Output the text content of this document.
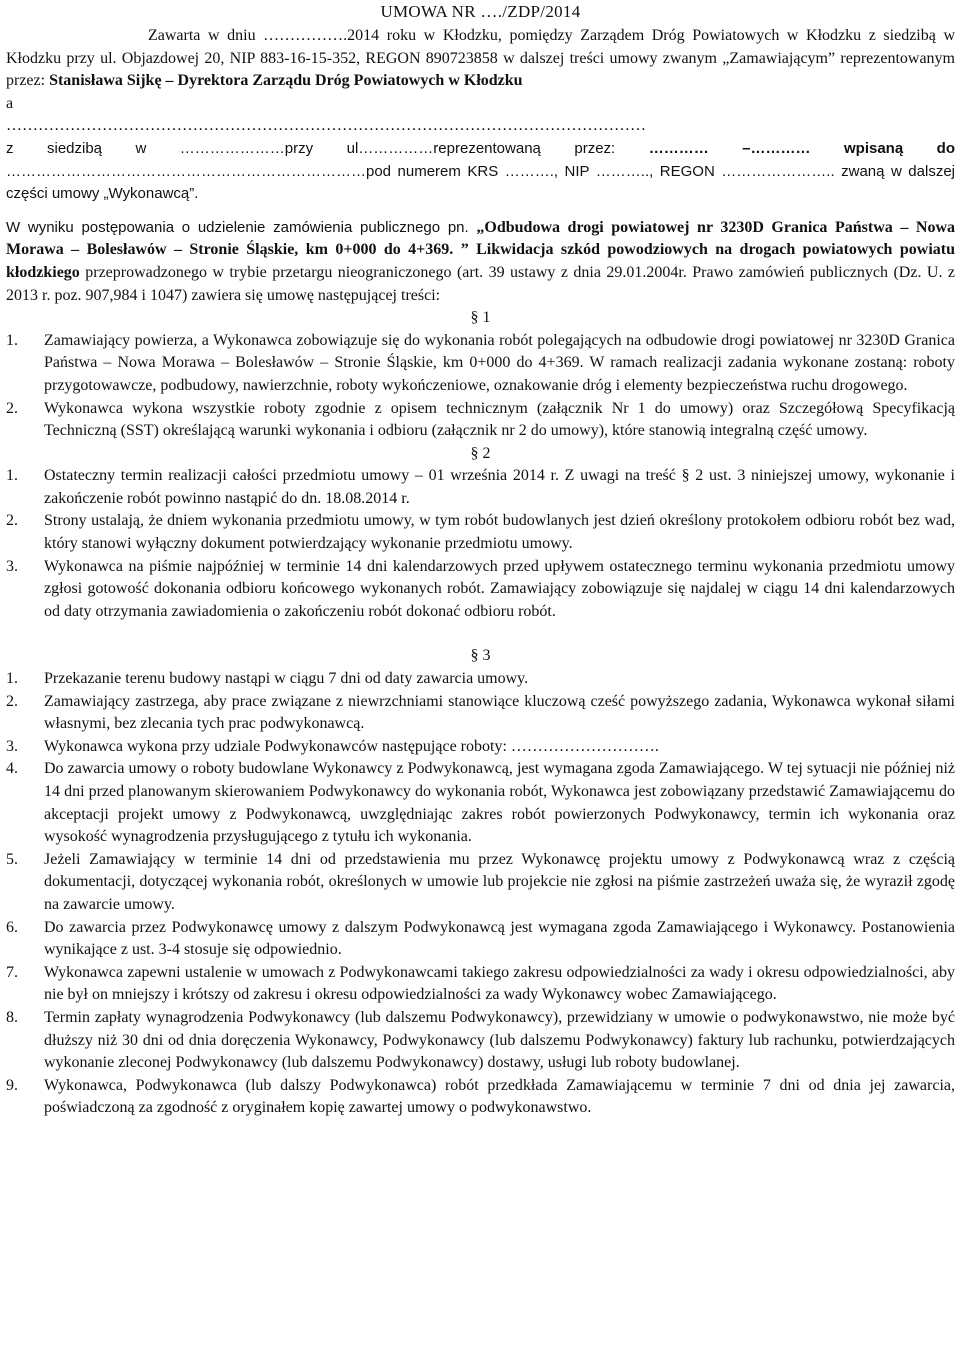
UMOWA NR …./ZDP/2014

Zawarta w dniu …………….2014 roku w Kłodzku, pomiędzy Zarządem Dróg Powiatowych w Kłodzku z siedzibą w Kłodzku przy ul. Objazdowej 20, NIP 883-16-15-352, REGON 890723858 w dalszej treści umowy zwanym „Zamawiającym” reprezentowanym przez: Stanisława Sijkę – Dyrektora Zarządu Dróg Powiatowych w Kłodzku

a

…………………………………………………………………………………………………………

z siedzibą w …………………przy ul……………reprezentowaną przez: ………… –………… wpisaną do ………………………………………………………………pod numerem KRS ………., NIP ……….., REGON ………………….. zwaną w dalszej części umowy „Wykonawcą”.

W wyniku postępowania o udzielenie zamówienia publicznego pn. „Odbudowa drogi powiatowej nr 3230D Granica Państwa – Nowa Morawa – Bolesławów – Stronie Śląskie, km 0+000 do 4+369. ” Likwidacja szkód powodziowych na drogach powiatowych powiatu kłodzkiego przeprowadzonego w trybie przetargu nieograniczonego (art. 39 ustawy z dnia 29.01.2004r. Prawo zamówień publicznych (Dz. U. z 2013 r. poz. 907,984 i 1047) zawiera się umowę następującej treści:

§ 1

1.	Zamawiający powierza, a Wykonawca zobowiązuje się do wykonania robót polegających na odbudowie drogi powiatowej nr 3230D Granica Państwa – Nowa Morawa – Bolesławów – Stronie Śląskie, km 0+000 do 4+369. W ramach realizacji zadania wykonane zostaną: roboty przygotowawcze, podbudowy, nawierzchnie, roboty wykończeniowe, oznakowanie dróg i elementy bezpieczeństwa ruchu drogowego.
2.	Wykonawca wykona wszystkie roboty zgodnie z opisem technicznym (załącznik Nr 1 do umowy) oraz Szczegółową Specyfikacją Techniczną (SST) określającą warunki wykonania i odbioru (załącznik nr 2 do umowy), które stanowią integralną część umowy.

§ 2

1.	Ostateczny termin realizacji całości przedmiotu umowy – 01 września 2014 r. Z uwagi na treść § 2 ust. 3 niniejszej umowy, wykonanie i zakończenie robót powinno nastąpić do dn. 18.08.2014 r.
2.	Strony ustalają, że dniem wykonania przedmiotu umowy, w tym robót budowlanych jest dzień określony protokołem odbioru robót bez wad, który stanowi wyłączny dokument potwierdzający wykonanie przedmiotu umowy.
3.	Wykonawca na piśmie najpóźniej w terminie 14 dni kalendarzowych przed upływem ostatecznego terminu wykonania przedmiotu umowy zgłosi gotowość dokonania odbioru końcowego wykonanych robót. Zamawiający zobowiązuje się najdalej w ciągu 14 dni kalendarzowych od daty otrzymania zawiadomienia o zakończeniu robót dokonać odbioru robót.

§ 3

1.	Przekazanie terenu budowy nastąpi w ciągu 7 dni od daty zawarcia umowy.
2.	Zamawiający zastrzega, aby prace związane z niewrzchniami stanowiące kluczową cześć powyższego zadania, Wykonawca wykonał siłami własnymi, bez zlecania tych prac podwykonawcą.
3.	Wykonawca wykona przy udziale Podwykonawców następujące roboty: ……………………….
4.	Do zawarcia umowy o roboty budowlane Wykonawcy z Podwykonawcą, jest wymagana zgoda Zamawiającego. W tej sytuacji nie później niż 14 dni przed planowanym skierowaniem Podwykonawcy do wykonania robót, Wykonawca jest zobowiązany przedstawić Zamawiającemu do akceptacji projekt umowy z Podwykonawcą, uwzględniając zakres robót powierzonych Podwykonawcy, termin ich wykonania oraz wysokość wynagrodzenia przysługującego z tytułu ich wykonania.
5.	Jeżeli Zamawiający w terminie 14 dni od przedstawienia mu przez Wykonawcę projektu umowy z Podwykonawcą wraz z częścią dokumentacji, dotyczącej wykonania robót, określonych w umowie lub projekcie nie zgłosi na piśmie zastrzeżeń uważa się, że wyraził zgodę na zawarcie umowy.
6.	Do zawarcia przez Podwykonawcę umowy z dalszym Podwykonawcą jest wymagana zgoda Zamawiającego i Wykonawcy. Postanowienia wynikające z ust. 3-4 stosuje się odpowiednio.
7.	Wykonawca zapewni ustalenie w umowach z Podwykonawcami takiego zakresu odpowiedzialności za wady i okresu odpowiedzialności, aby nie był on mniejszy i krótszy od zakresu i okresu odpowiedzialności za wady Wykonawcy wobec Zamawiającego.
8.	Termin zapłaty wynagrodzenia Podwykonawcy (lub dalszemu Podwykonawcy), przewidziany w umowie o podwykonawstwo, nie może być dłuższy niż 30 dni od dnia doręczenia Wykonawcy, Podwykonawcy (lub dalszemu Podwykonawcy) faktury lub rachunku, potwierdzających wykonanie zleconej Podwykonawcy (lub dalszemu Podwykonawcy) dostawy, usługi lub roboty budowlanej.
9.	Wykonawca, Podwykonawca (lub dalszy Podwykonawca) robót przedkłada Zamawiającemu w terminie 7 dni od dnia jej zawarcia, poświadczoną za zgodność z oryginałem kopię zawartej umowy o podwykonawstwo.
